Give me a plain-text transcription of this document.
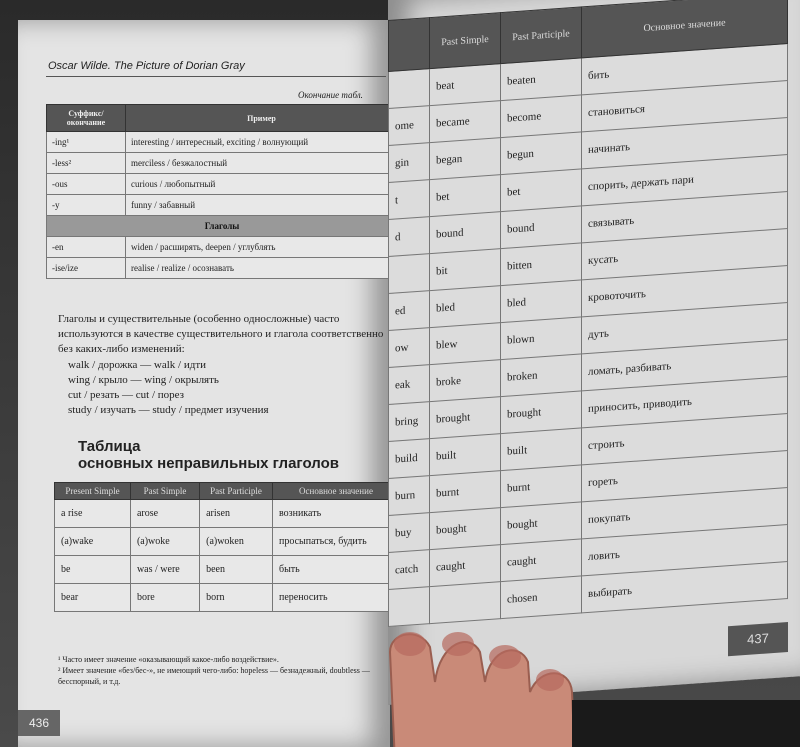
Oscar Wilde. The Picture of Dorian Gray
Окончание табл.
Суффикс/ окончание	Пример
-ing¹	interesting / интересный, exciting / волнующий
-less²	merciless / безжалостный
-ous	curious / любопытный
-y	funny / забавный
Глаголы	
-en	widen / расширять, deepen / углублять
-ise/ize	realise / realize / осознавать
Глаголы и существительные (особенно односложные) часто используются в качестве существительного и глагола соответственно без каких-либо изменений:
walk / дорожка — walk / идти
wing / крыло — wing / окрылять
cut / резать — cut / порез
study / изучать — study / предмет изучения
Таблица
основных неправильных глаголов
Present Simple	Past Simple	Past Participle	Основное значение
a rise	arose	arisen	возникать
(a)wake	(a)woke	(a)woken	просыпаться, будить
be	was / were	been	быть
bear	bore	born	переносить
¹ Часто имеет значение «оказывающий какое-либо воздействие».
² Имеет значение «без/бес-», не имеющий чего-либо: hopeless — безнадежный, doubtless — бесспорный, и т.д.
436
	Past Simple	Past Participle	Основное значение
	beat	beaten	бить
ome	became	become	становиться
gin	began	begun	начинать
t	bet	bet	спорить, держать пари
d	bound	bound	связывать
	bit	bitten	кусать
ed	bled	bled	кровоточить
ow	blew	blown	дуть
eak	broke	broken	ломать, разбивать
bring	brought	brought	приносить, приводить
build	built	built	строить
burn	burnt	burnt	гореть
buy	bought	bought	покупать
catch	caught	caught	ловить
		chosen	выбирать
437
